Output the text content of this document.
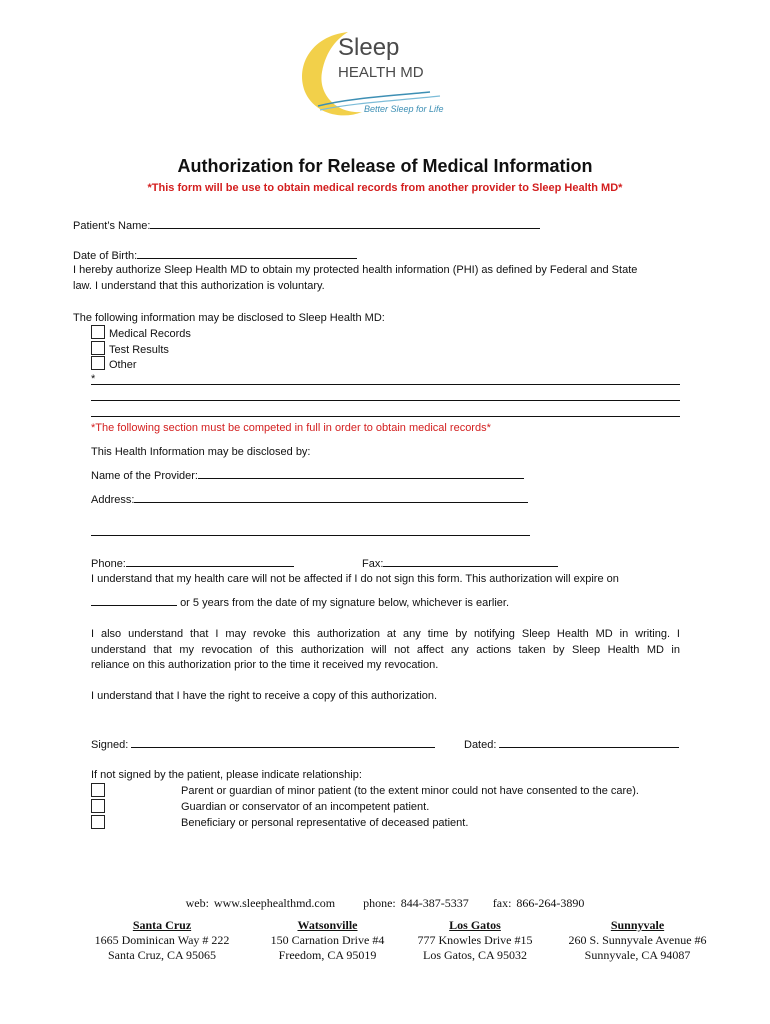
Sleep
HEALTH MD
Better Sleep for Life
Authorization for Release of Medical Information
*This form will be use to obtain medical records from another provider to Sleep Health MD*
Patient’s Name:
Date of Birth:
I hereby authorize Sleep Health MD to obtain my protected health information (PHI) as defined by Federal and State
law. I understand that this authorization is voluntary.
The following information may be disclosed to Sleep Health MD:
Medical Records
Test Results
Other
*
*The following section must be competed in full in order to obtain medical records*
This Health Information may be disclosed by:
Name of the Provider:
Address:
Phone:	Fax:
I understand that my health care will not be affected if I do not sign this form. This authorization will expire on
or 5 years from the date of my signature below, whichever is earlier.
I also understand that I may revoke this authorization at any time by notifying Sleep Health MD in writing. I
understand that my revocation of this authorization will not affect any actions taken by Sleep Health MD in
reliance on this authorization prior to the time it received my revocation.
I understand that I have the right to receive a copy of this authorization.
Signed:	Dated:
If not signed by the patient, please indicate relationship:
Parent or guardian of minor patient (to the extent minor could not have consented to the care).
Guardian or conservator of an incompetent patient.
Beneficiary or personal representative of deceased patient.
web: www.sleephealthmd.com phone: 844-387-5337 fax: 866-264-3890
Santa Cruz
1665 Dominican Way # 222
Santa Cruz, CA 95065
Watsonville
150 Carnation Drive #4
Freedom, CA 95019
Los Gatos
777 Knowles Drive #15
Los Gatos, CA 95032
Sunnyvale
260 S. Sunnyvale Avenue #6
Sunnyvale, CA 94087
